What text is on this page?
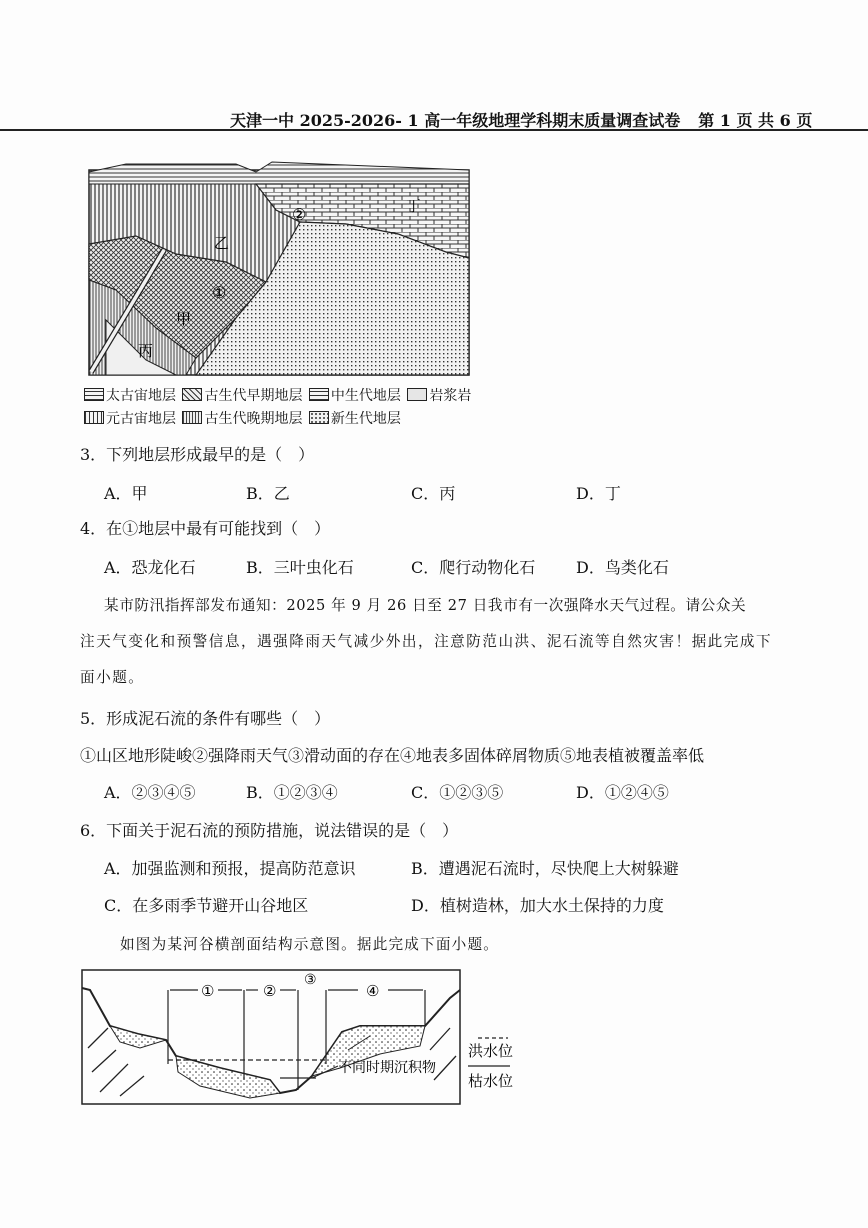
天津一中 2025-2026- 1 高一年级地理学科期末质量调查试卷 第 1 页 共 6 页
丁
乙
甲
丙
①
②
太古宙地层 古生代早期地层 中生代地层 岩浆岩
元古宙地层 古生代晚期地层 新生代地层
3．下列地层形成最早的是（　）
A．甲	B．乙	C．丙	D．丁
4．在①地层中最有可能找到（　）
A．恐龙化石	B．三叶虫化石	C．爬行动物化石	D．鸟类化石
某市防汛指挥部发布通知：2025 年 9 月 26 日至 27 日我市有一次强降水天气过程。请公众关
注天气变化和预警信息，遇强降雨天气减少外出，注意防范山洪、泥石流等自然灾害！据此完成下
面小题。
5．形成泥石流的条件有哪些（　）
①山区地形陡峻②强降雨天气③滑动面的存在④地表多固体碎屑物质⑤地表植被覆盖率低
A．②③④⑤	B．①②③④	C．①②③⑤	D．①②④⑤
6．下面关于泥石流的预防措施，说法错误的是（　）
A．加强监测和预报，提高防范意识	B．遭遇泥石流时，尽快爬上大树躲避
C．在多雨季节避开山谷地区	D．植树造林，加大水土保持的力度
如图为某河谷横剖面结构示意图。据此完成下面小题。
①	②
③
④
不同时期沉积物
洪水位
枯水位
